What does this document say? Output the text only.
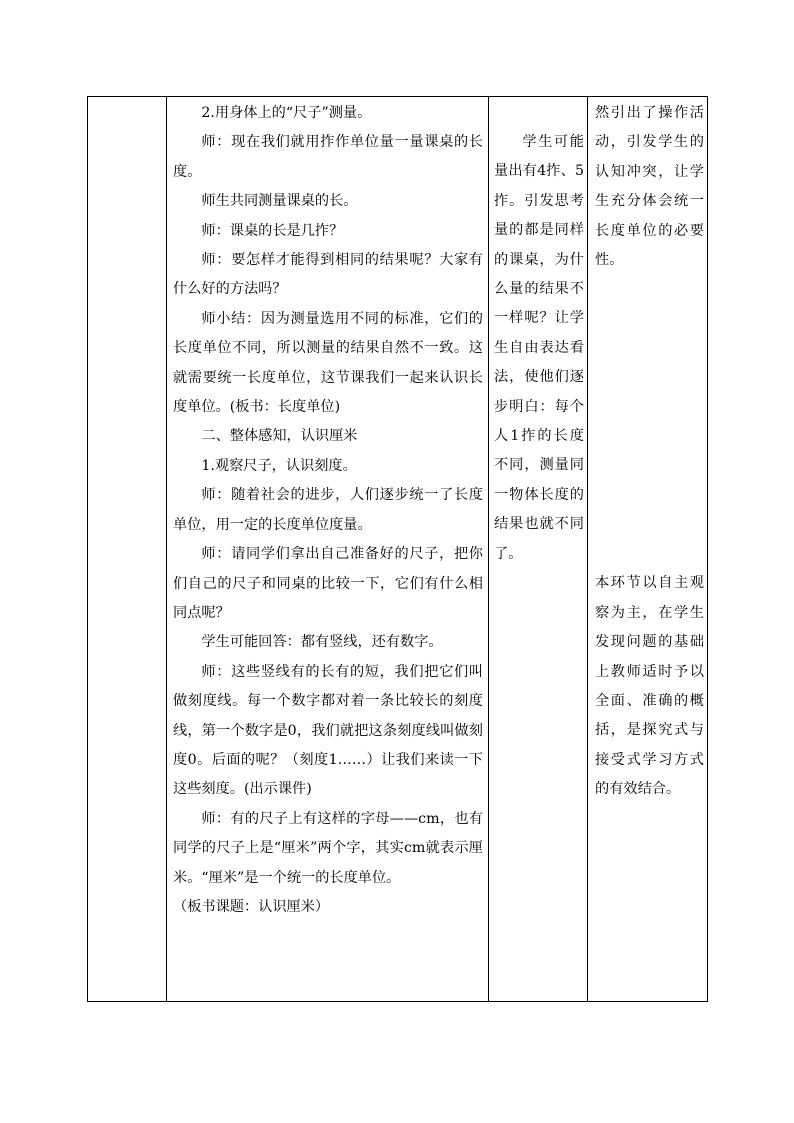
2.用身体上的“尺子”测量。

师：现在我们就用拃作单位量一量课桌的长度。

师生共同测量课桌的长。

师：课桌的长是几拃？

师：要怎样才能得到相同的结果呢？大家有什么好的方法吗？

师小结：因为测量选用不同的标准，它们的长度单位不同，所以测量的结果自然不一致。这就需要统一长度单位，这节课我们一起来认识长度单位。(板书：长度单位)

二、整体感知，认识厘米

1.观察尺子，认识刻度。

师：随着社会的进步，人们逐步统一了长度单位，用一定的长度单位度量。

师：请同学们拿出自己准备好的尺子，把你们自己的尺子和同桌的比较一下，它们有什么相同点呢？

学生可能回答：都有竖线，还有数字。

师：这些竖线有的长有的短，我们把它们叫做刻度线。每一个数字都对着一条比较长的刻度线，第一个数字是0，我们就把这条刻度线叫做刻度0。后面的呢？（刻度1……）让我们来读一下这些刻度。(出示课件)

师：有的尺子上有这样的字母——cm，也有同学的尺子上是“厘米”两个字，其实cm就表示厘米。“厘米”是一个统一的长度单位。

（板书课题：认识厘米）

学生可能量出有4拃、5拃。引发思考量的都是同样的课桌，为什么量的结果不一样呢？让学生自由表达看法，使他们逐步明白：每个人1拃的长度不同，测量同一物体长度的结果也就不同了。

然引出了操作活动，引发学生的认知冲突，让学生充分体会统一长度单位的必要性。

本环节以自主观察为主，在学生发现问题的基础上教师适时予以全面、准确的概括，是探究式与接受式学习方式的有效结合。
